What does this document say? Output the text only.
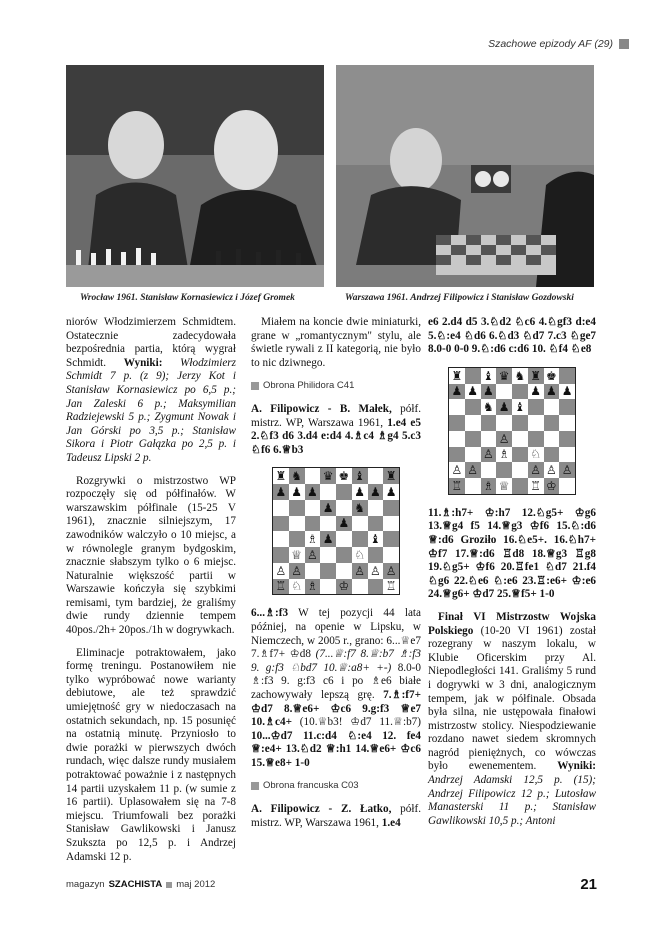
Szachowe epizody AF (29)
Wrocław 1961. Stanisław Kornasiewicz i Józef Gromek	Warszawa 1961. Andrzej Filipowicz i Stanisław Gozdowski

niorów Włodzimierzem Schmidtem. Ostatecznie zadecydowała bezpośrednia partia, którą wygrał Schmidt. Wyniki: Włodzimierz Schmidt 7 p. (z 9); Jerzy Kot i Stanisław Kornasiewicz po 6,5 p.; Jan Zaleski 6 p.; Maksymilian Radziejewski 5 p.; Zygmunt Nowak i Jan Górski po 3,5 p.; Stanisław Sikora i Piotr Gałązka po 2,5 p. i Tadeusz Lipski 2 p.

Rozgrywki o mistrzostwo WP rozpoczęły się od półfinałów. W warszawskim półfinale (15-25 V 1961), znacznie silniejszym, 17 zawodników walczyło o 10 miejsc, a w równolegle granym bydgoskim, znacznie słabszym tylko o 6 miejsc. Naturalnie większość partii w Warszawie kończyła się szybkimi remisami, tym bardziej, że graliśmy dwie rundy dziennie tempem 40pos./2h+ 20pos./1h w dogrywkach.

Eliminacje potraktowałem, jako formę treningu. Postanowiłem nie tylko wypróbować nowe warianty debiutowe, ale też sprawdzić umiejętność gry w niedoczasach na ostatnich sekundach, np. 15 posunięć na ostatnią minutę. Przyniosło to dwie porażki w pierwszych dwóch rundach, więc dalsze rundy musiałem potraktować poważnie i z następnych 14 partii uzyskałem 11 p. (w sumie z 16 partii). Uplasowałem się na 7-8 miejscu. Triumfowali bez porażki Stanisław Gawlikowski i Janusz Szukszta po 12,5 p. i Andrzej Adamski 12 p.

Miałem na koncie dwie miniaturki, grane w „romantycznym" stylu, ale świetle rywali z II kategorią, nie było to nic dziwnego.

Obrona Philidora C41

A. Filipowicz - B. Małek, półf. mistrz. WP, Warszawa 1961, 1.e4 e5 2.♘f3 d6 3.d4 e:d4 4.♗c4 ♗g4 5.c3 ♘f6 6.♕b3

♜ ♞ ♛ ♚ ♝ ♜
♟ ♟ ♟	♟ ♟ ♟
♟ ♞
♟
♗ ♟	♝
♕ ♙	♘
♙ ♙	♙ ♙ ♙
♖ ♘ ♗ ♔	♖

6...♗:f3 W tej pozycji 44 lata później, na openie w Lipsku, w Niemczech, w 2005 r., grano: 6...♕e7 7.♗f7+ ♔d8 (7...♕:f7 8.♕:b7 ♗:f3 9. g:f3 ♘bd7 10.♕:a8+ +-) 8.0-0 ♗:f3 9. g:f3 c6 i po ♗e6 białe zachowywały lepszą grę. 7.♗:f7+ ♔d7 8.♕e6+ ♔c6 9.g:f3 ♕e7 10.♗c4+ (10.♕b3! ♔d7 11.♕:b7) 10...♔d7 11.c:d4 ♘:e4 12. fe4 ♕:e4+ 13.♘d2 ♕:h1 14.♕e6+ ♔c6 15.♕e8+ 1-0

Obrona francuska C03

A. Filipowicz - Z. Łatko, półf. mistrz. WP, Warszawa 1961, 1.e4

e6 2.d4 d5 3.♘d2 ♘c6 4.♘gf3 d:e4 5.♘:e4 ♘d6 6.♘d3 ♘d7 7.c3 ♘ge7 8.0-0 0-0 9.♘:d6 c:d6 10. ♘f4 ♘e8

♜ ♝ ♛ ♞ ♜ ♚
♟ ♟ ♟	♟ ♟ ♟
♞ ♟ ♝
♙
♙ ♗ ♘
♙ ♙	♙ ♙ ♙
♖ ♗ ♕ ♖ ♔

11.♗:h7+ ♔:h7 12.♘g5+ ♔g6 13.♕g4 f5 14.♕g3 ♔f6 15.♘:d6 ♕:d6 Groziło 16.♘e5+. 16.♘h7+ ♔f7 17.♕:d6 ♖d8 18.♕g3 ♖g8 19.♘g5+ ♔f6 20.♖fe1 ♘d7 21.f4 ♘g6 22.♘e6 ♘:e6 23.♖:e6+ ♔:e6 24.♕g6+ ♔d7 25.♕f5+ 1-0

Finał VI Mistrzostw Wojska Polskiego (10-20 VI 1961) został rozegrany w naszym lokalu, w Klubie Oficerskim przy Al. Niepodległości 141. Graliśmy 5 rund i dogrywki w 3 dni, analogicznym tempem, jak w półfinale. Obsada była silna, nie ustępowała finałowi mistrzostw stolicy. Niespodziewanie rozdano nawet siedem skromnych nagród pieniężnych, co wówczas było ewenementem. Wyniki: Andrzej Adamski 12,5 p. (15); Andrzej Filipowicz 12 p.; Lutosław Manasterski 11 p.; Stanisław Gawlikowski 10,5 p.; Antoni

magazyn SZACHISTA maj 2012	21
